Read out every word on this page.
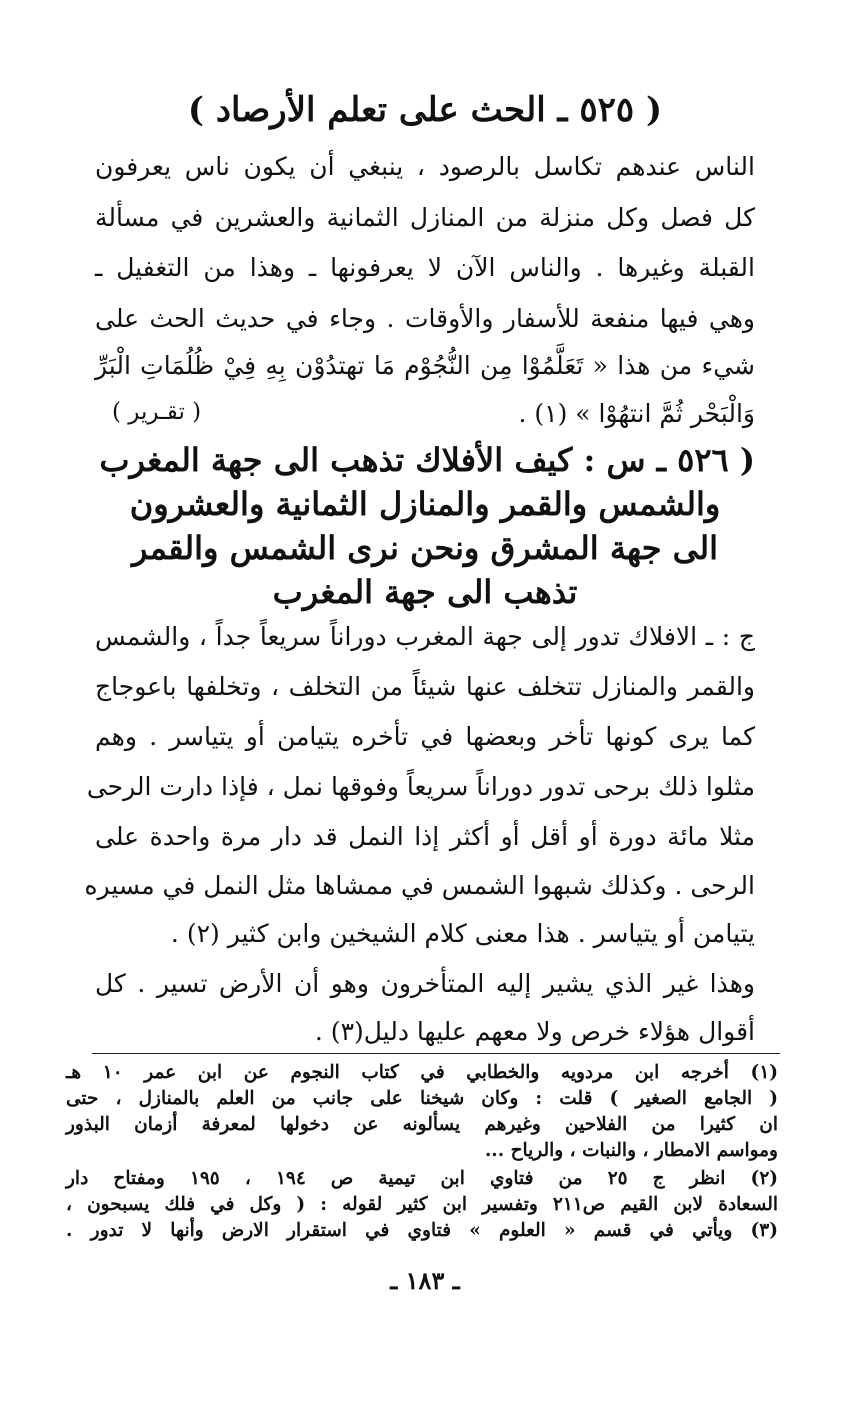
( ٥٢٥ ـ الحث على تعلم الأرصاد )
الناس عندهم تكاسل بالرصود ، ينبغي أن يكون ناس يعرفون
كل فصل وكل منزلة من المنازل الثمانية والعشرين في مسألة
القبلة وغيرها . والناس الآن لا يعرفونها ـ وهذا من التغفيل ـ
وهي فيها منفعة للأسفار والأوقات . وجاء في حديث الحث على
شيء من هذا « تَعَلَّمُوْا مِن النُّجُوْم مَا تهتدُوْن بِهِ فِيْ ظُلُمَاتِ الْبَرِّ
وَالْبَحْر ثُمَّ انتهُوْا » (١) .
( تقـرير )
( ٥٢٦ ـ س : كيف الأفلاك تذهب الى جهة المغرب
والشمس والقمر والمنازل الثمانية والعشرون
الى جهة المشرق ونحن نرى الشمس والقمر
تذهب الى جهة المغرب
ج : ـ الافلاك تدور إلى جهة المغرب دوراناً سريعاً جداً ، والشمس
والقمر والمنازل تتخلف عنها شيئاً من التخلف ، وتخلفها باعوجاج
كما يرى كونها تأخر وبعضها في تأخره يتيامن أو يتياسر . وهم
مثلوا ذلك برحى تدور دوراناً سريعاً وفوقها نمل ، فإذا دارت الرحى
مثلا مائة دورة أو أقل أو أكثر إذا النمل قد دار مرة واحدة على
الرحى . وكذلك شبهوا الشمس في ممشاها مثل النمل في مسيره
يتيامن أو يتياسر . هذا معنى كلام الشيخين وابن كثير (٢) .
وهذا غير الذي يشير إليه المتأخرون وهو أن الأرض تسير . كل
أقوال هؤلاء خرص ولا معهم عليها دليل(٣) .
(١) أخرجه ابن مردويه والخطابي في كتاب النجوم عن ابن عمر ١٠ هـ
( الجامع الصغير ) قلت : وكان شيخنا على جانب من العلم بالمنازل ، حتى
ان كثيرا من الفلاحين وغيرهم يسألونه عن دخولها لمعرفة أزمان البذور
ومواسم الامطار ، والنبات ، والرياح ...
(٢) انظر ج ٢٥ من فتاوي ابن تيمية ص ١٩٤ ، ١٩٥ ومفتاح دار
السعادة لابن القيم ص٢١١ وتفسير ابن كثير لقوله : ( وكل في فلك يسبحون ،
(٣) ويأتي في قسم « العلوم » فتاوي في استقرار الارض وأنها لا تدور .
ـ ١٨٣ ـ
